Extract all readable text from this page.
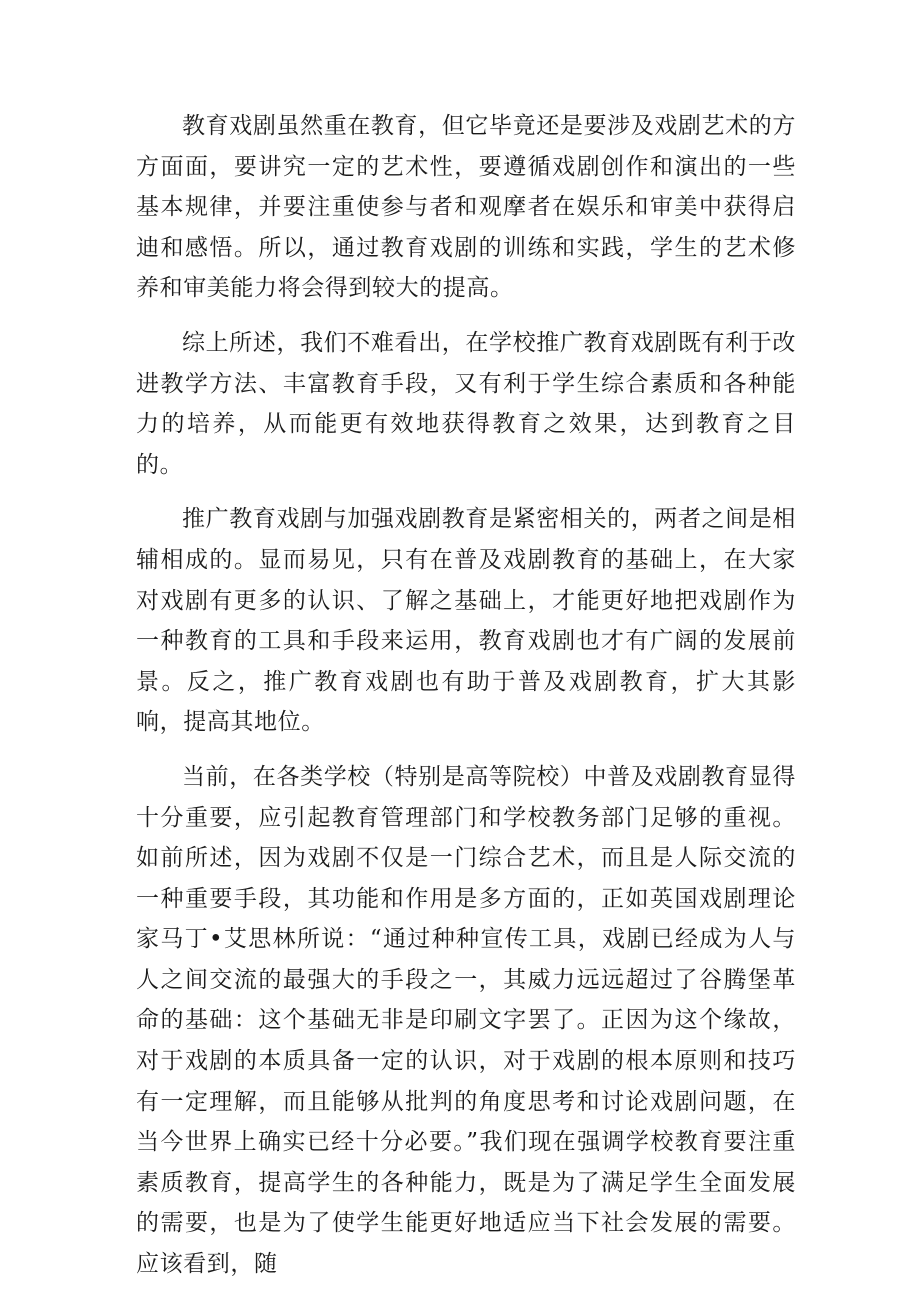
教育戏剧虽然重在教育，但它毕竟还是要涉及戏剧艺术的方方面面，要讲究一定的艺术性，要遵循戏剧创作和演出的一些基本规律，并要注重使参与者和观摩者在娱乐和审美中获得启迪和感悟。所以，通过教育戏剧的训练和实践，学生的艺术修养和审美能力将会得到较大的提高。

综上所述，我们不难看出，在学校推广教育戏剧既有利于改进教学方法、丰富教育手段，又有利于学生综合素质和各种能力的培养，从而能更有效地获得教育之效果，达到教育之目的。

推广教育戏剧与加强戏剧教育是紧密相关的，两者之间是相辅相成的。显而易见，只有在普及戏剧教育的基础上，在大家对戏剧有更多的认识、了解之基础上，才能更好地把戏剧作为一种教育的工具和手段来运用，教育戏剧也才有广阔的发展前景。反之，推广教育戏剧也有助于普及戏剧教育，扩大其影响，提高其地位。

当前，在各类学校（特别是高等院校）中普及戏剧教育显得十分重要，应引起教育管理部门和学校教务部门足够的重视。如前所述，因为戏剧不仅是一门综合艺术，而且是人际交流的一种重要手段，其功能和作用是多方面的，正如英国戏剧理论家马丁•艾思林所说：“通过种种宣传工具，戏剧已经成为人与人之间交流的最强大的手段之一，其威力远远超过了谷腾堡革命的基础：这个基础无非是印刷文字罢了。正因为这个缘故，对于戏剧的本质具备一定的认识，对于戏剧的根本原则和技巧有一定理解，而且能够从批判的角度思考和讨论戏剧问题，在当今世界上确实已经十分必要。”我们现在强调学校教育要注重素质教育，提高学生的各种能力，既是为了满足学生全面发展的需要，也是为了使学生能更好地适应当下社会发展的需要。应该看到，随
